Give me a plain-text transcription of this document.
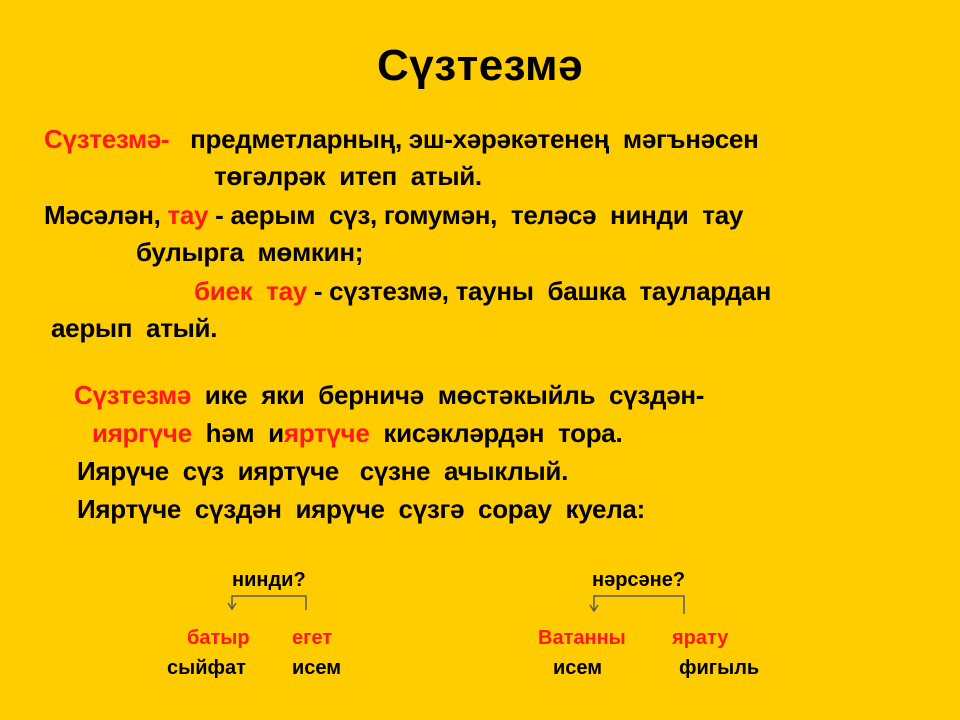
Сүзтезмә
Сүзтезмә- предметларның, эш-хәрәкәтенең  мәгънәсен
төгәлрәк  итеп  атый.
Мәсәлән, тау - аерым  сүз, гомумән,  теләсә  нинди  тау
булырга  мөмкин;
биек  тау - сүзтезмә, тауны  башка  таулардан
аерып  атый.
Сүзтезмә  ике  яки  берничә  мөстәкыйль  сүздән-
ияргүче  һәм  ияртүче  кисәкләрдән  тора.
Иярүче  сүз  ияртүче   сүзне  ачыклый.
Ияртүче  сүздән  иярүче  сүзгә  сорау  куела:
нинди?
батыр егет
сыйфат исем
нәрсәне?
Ватанны ярату
исем	фигыль
